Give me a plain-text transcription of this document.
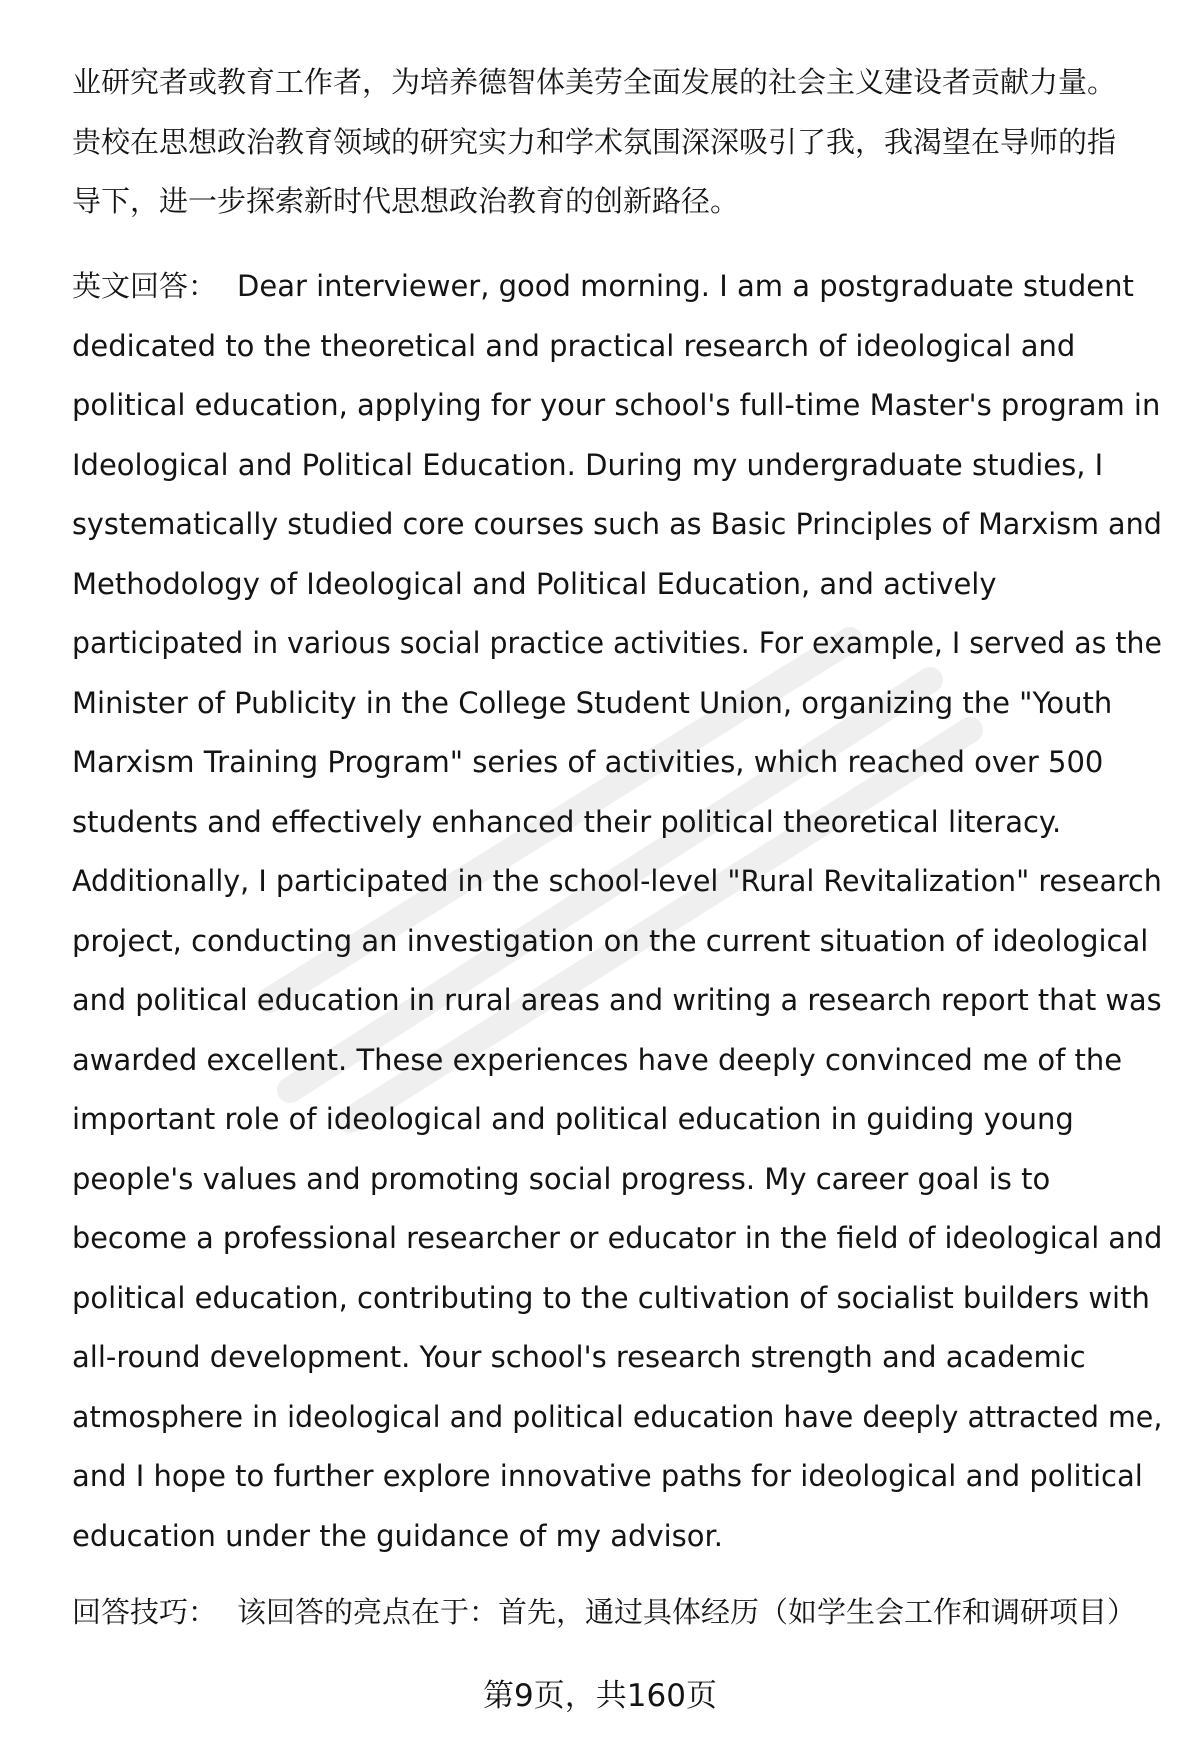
业研究者或教育工作者，为培养德智体美劳全面发展的社会主义建设者贡献力量。
贵校在思想政治教育领域的研究实力和学术氛围深深吸引了我，我渴望在导师的指
导下，进一步探索新时代思想政治教育的创新路径。
英文回答： Dear interviewer, good morning. I am a postgraduate student
dedicated to the theoretical and practical research of ideological and
political education, applying for your school's full-time Master's program in
Ideological and Political Education. During my undergraduate studies, I
systematically studied core courses such as Basic Principles of Marxism and
Methodology of Ideological and Political Education, and actively
participated in various social practice activities. For example, I served as the
Minister of Publicity in the College Student Union, organizing the "Youth
Marxism Training Program" series of activities, which reached over 500
students and effectively enhanced their political theoretical literacy.
Additionally, I participated in the school-level "Rural Revitalization" research
project, conducting an investigation on the current situation of ideological
and political education in rural areas and writing a research report that was
awarded excellent. These experiences have deeply convinced me of the
important role of ideological and political education in guiding young
people's values and promoting social progress. My career goal is to
become a professional researcher or educator in the field of ideological and
political education, contributing to the cultivation of socialist builders with
all-round development. Your school's research strength and academic
atmosphere in ideological and political education have deeply attracted me,
and I hope to further explore innovative paths for ideological and political
education under the guidance of my advisor.
回答技巧： 该回答的亮点在于：首先，通过具体经历（如学生会工作和调研项目）
第9页，共160页
